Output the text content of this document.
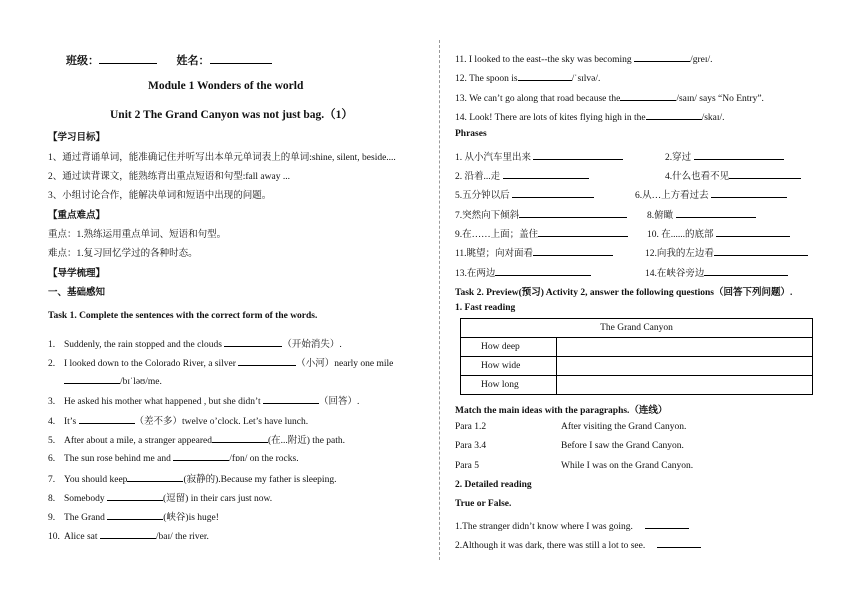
班级：	姓名：
Module 1 Wonders of the world
Unit 2 The Grand Canyon was not just bag.（1）
【学习目标】
1、通过背诵单词，能准确记住并听写出本单元单词表上的单词:shine, silent, beside....
2、通过读背课文，能熟练背出重点短语和句型:fall away ...
3、小组讨论合作，能解决单词和短语中出现的问题。
【重点难点】
重点：1.熟练运用重点单词、短语和句型。
难点：1.复习回忆学过的各种时态。
【导学梳理】
一、基础感知
Task 1. Complete the sentences with the correct form of the words.
1. Suddenly, the rain stopped and the clouds	（开始消失）.
2. I looked down to the Colorado River, a silver	（小河）nearly one mile
/bɪˈləʊ/me.
3. He asked his mother what happened , but she didn’t	（回答）.
4. It’s	（差不多）twelve o’clock. Let’s have lunch.
5. After about a mile, a stranger appeared	(在...附近) the path.
6. The sun rose behind me and	/fɒn/ on the rocks.
7. You should keep	(寂静的).Because my father is sleeping.
8. Somebody	(逗留) in their cars just now.
9. The Grand	(峡谷)is huge!
10. Alice sat	/baɪ/ the river.
11. I looked to the east--the sky was becoming	/greɪ/.
12. The spoon is	/ˈsɪlvə/.
13. We can’t go along that road because the	/saɪn/ says “No Entry”.
14. Look! There are lots of kites flying high in the	/skaɪ/.
Phrases
1. 从小汽车里出来	2.穿过
2. 沿着...走	4.什么也看不见
5.五分钟以后	6.从…上方看过去
7.突然向下倾斜	8.俯瞰
9.在……上面；盖住	10. 在......的底部
11.眺望；向对面看	12.向我的左边看
13.在两边	14.在峡谷旁边
Task 2. Preview(预习) Activity 2, answer the following questions（回答下列问题）.
1. Fast reading
The Grand Canyon	
How deep	
How wide	
How long	
Match the main ideas with the paragraphs.（连线）
Para 1.2	After visiting the Grand Canyon.
Para 3.4	Before I saw the Grand Canyon.
Para 5	While I was on the Grand Canyon.
2. Detailed reading
True or False.
1.The stranger didn’t know where I was going.
2.Although it was dark, there was still a lot to see.
